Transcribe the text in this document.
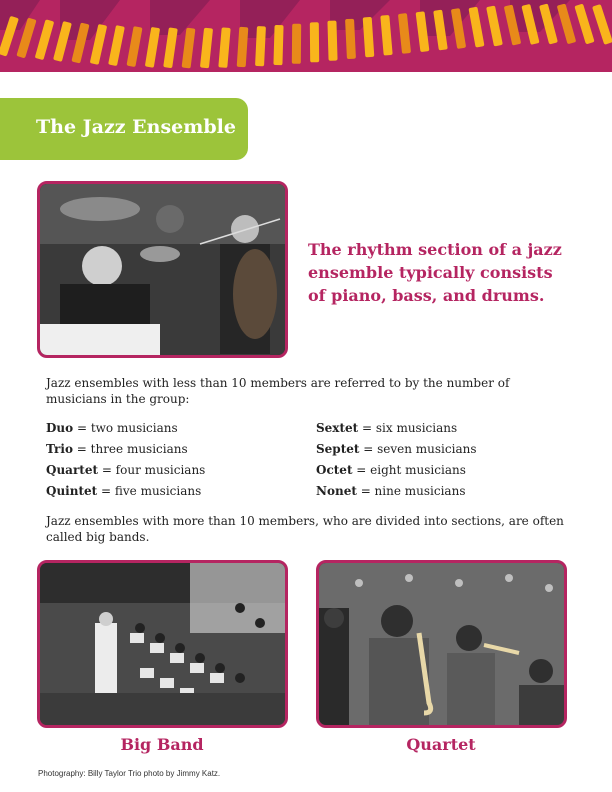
The Jazz Ensemble

The rhythm section of a jazz ensemble typically consists of piano, bass, and drums.

Jazz ensembles with less than 10 members are referred to by the number of musicians in the group:

Duo = two musicians
Trio = three musicians
Quartet = four musicians
Quintet = five musicians
Sextet = six musicians
Septet = seven musicians
Octet = eight musicians
Nonet = nine musicians

Jazz ensembles with more than 10 members, who are divided into sections, are often called big bands.

Big Band	Quartet

Photography: Billy Taylor Trio photo by Jimmy Katz.
